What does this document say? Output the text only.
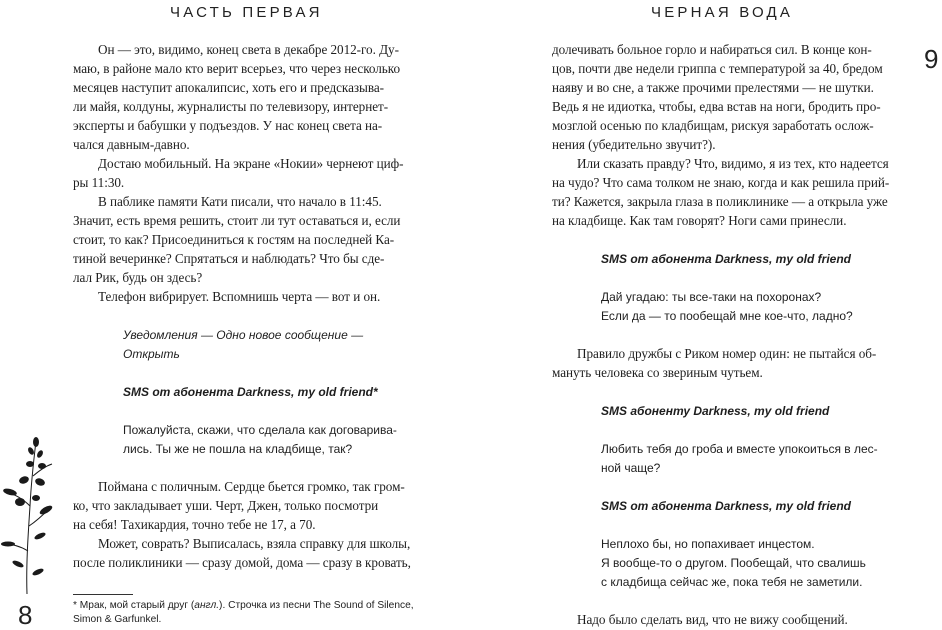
ЧАСТЬ ПЕРВАЯ
Он — это, видимо, конец света в декабре 2012-го. Ду-
маю, в районе мало кто верит всерьез, что через несколько
месяцев наступит апокалипсис, хоть его и предсказыва-
ли майя, колдуны, журналисты по телевизору, интернет-
эксперты и бабушки у подъездов. У нас конец света на-
чался давным-давно.
Достаю мобильный. На экране «Нокии» чернеют циф-
ры 11:30.
В паблике памяти Кати писали, что начало в 11:45.
Значит, есть время решить, стоит ли тут оставаться и, если
стоит, то как? Присоединиться к гостям на последней Ка-
тиной вечеринке? Спрятаться и наблюдать? Что бы сде-
лал Рик, будь он здесь?
Телефон вибрирует. Вспомнишь черта — вот и он.
Уведомления — Одно новое сообщение —
Открыть
SMS от абонента Darkness, my old friend*
Пожалуйста, скажи, что сделала как договарива-
лись. Ты же не пошла на кладбище, так?
Поймана с поличным. Сердце бьется громко, так гром-
ко, что закладывает уши. Черт, Джен, только посмотри
на себя! Тахикардия, точно тебе не 17, а 70.
Может, соврать? Выписалась, взяла справку для школы,
после поликлиники — сразу домой, дома — сразу в кровать,
* Мрак, мой старый друг (англ.). Строчка из песни The Sound of Silence,
Simon & Garfunkel.
8
ЧЕРНАЯ ВОДА
9
долечивать больное горло и набираться сил. В конце кон-
цов, почти две недели гриппа с температурой за 40, бредом
наяву и во сне, а также прочими прелестями — не шутки.
Ведь я не идиотка, чтобы, едва встав на ноги, бродить про-
мозглой осенью по кладбищам, рискуя заработать ослож-
нения (убедительно звучит?).
Или сказать правду? Что, видимо, я из тех, кто надеется
на чудо? Что сама толком не знаю, когда и как решила прий-
ти? Кажется, закрыла глаза в поликлинике — а открыла уже
на кладбище. Как там говорят? Ноги сами принесли.
SMS от абонента Darkness, my old friend
Дай угадаю: ты все-таки на похоронах?
Если да — то пообещай мне кое-что, ладно?
Правило дружбы с Риком номер один: не пытайся об-
мануть человека со звериным чутьем.
SMS абоненту Darkness, my old friend
Любить тебя до гроба и вместе упокоиться в лес-
ной чаще?
SMS от абонента Darkness, my old friend
Неплохо бы, но попахивает инцестом.
Я вообще-то о другом. Пообещай, что свалишь
с кладбища сейчас же, пока тебя не заметили.
Надо было сделать вид, что не вижу сообщений.
